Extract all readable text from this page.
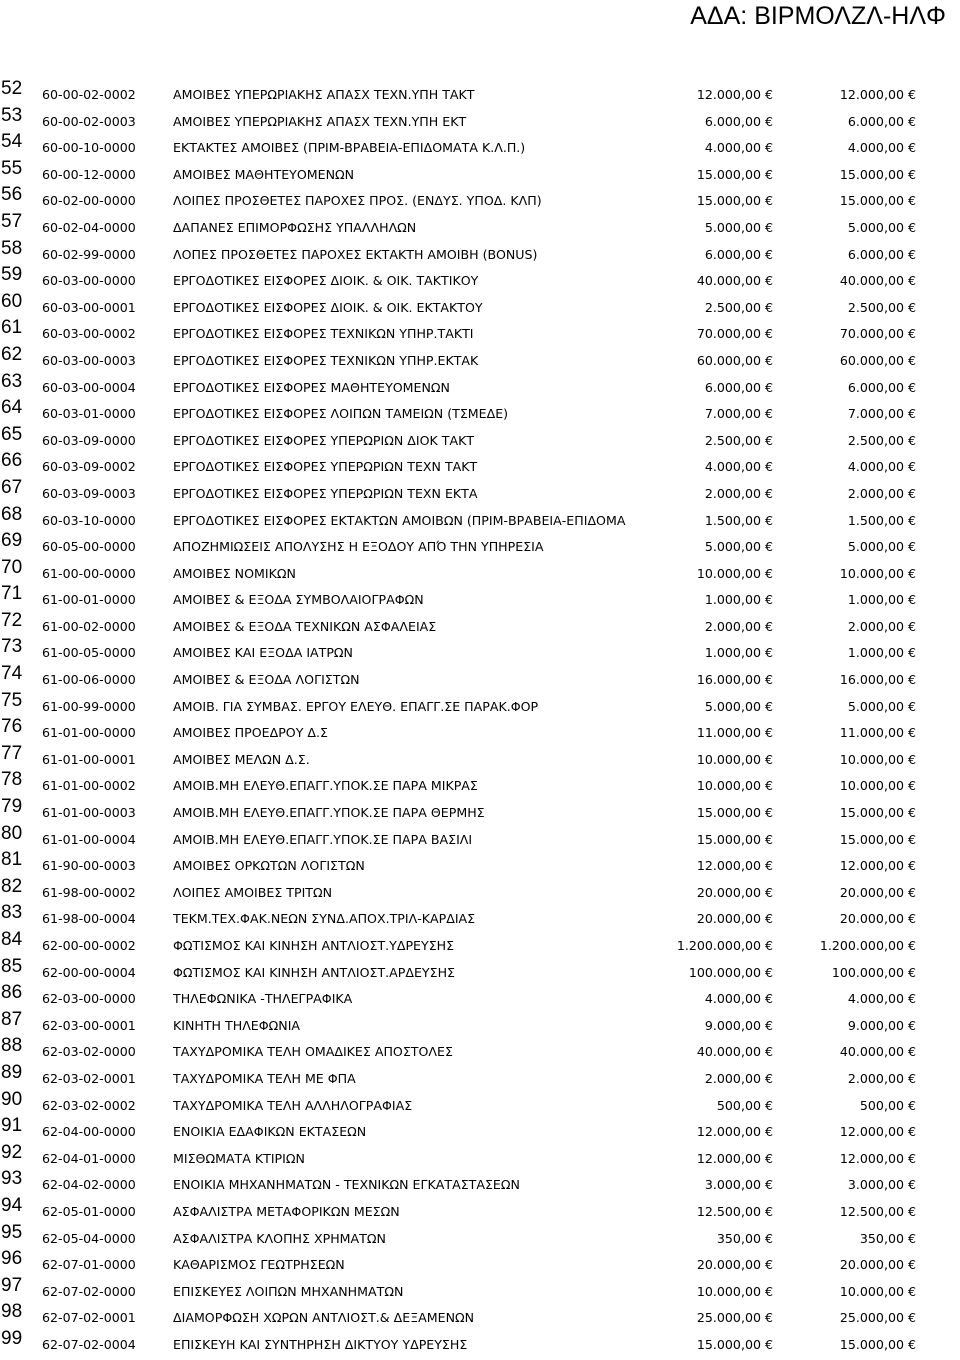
ΑΔΑ: ΒΙΡΜΟΛΖΛ-ΗΛΦ
52 60-00-02-0002	ΑΜΟΙΒΕΣ ΥΠΕΡΩΡΙΑΚΗΣ ΑΠΑΣΧ ΤΕΧΝ.ΥΠΗ ΤΑΚΤ	12.000,00 €	12.000,00 €
53 60-00-02-0003	ΑΜΟΙΒΕΣ ΥΠΕΡΩΡΙΑΚΗΣ ΑΠΑΣΧ ΤΕΧΝ.ΥΠΗ ΕΚΤ	6.000,00 €	6.000,00 €
54 60-00-10-0000	ΕΚΤΑΚΤΕΣ ΑΜΟΙΒΕΣ (ΠΡΙΜ-ΒΡΑΒΕΙΑ-ΕΠΙΔΟΜΑΤΑ Κ.Λ.Π.)	4.000,00 €	4.000,00 €
55 60-00-12-0000	ΑΜΟΙΒΕΣ ΜΑΘΗΤΕΥΟΜΕΝΩΝ	15.000,00 €	15.000,00 €
56 60-02-00-0000	ΛΟΙΠΕΣ ΠΡΟΣΘΕΤΕΣ ΠΑΡΟΧΕΣ ΠΡΟΣ. (ΕΝΔΥΣ. ΥΠΟΔ. ΚΛΠ)	15.000,00 €	15.000,00 €
57 60-02-04-0000	ΔΑΠΑΝΕΣ ΕΠΙΜΟΡΦΩΣΗΣ ΥΠΑΛΛΗΛΩΝ	5.000,00 €	5.000,00 €
58 60-02-99-0000	ΛΟΠΕΣ ΠΡΟΣΘΕΤΕΣ ΠΑΡΟΧΕΣ ΕΚΤΑΚΤΗ ΑΜΟΙΒΗ (BONUS)	6.000,00 €	6.000,00 €
59 60-03-00-0000	ΕΡΓΟΔΟΤΙΚΕΣ ΕΙΣΦΟΡΕΣ ΔΙΟΙΚ. & ΟΙΚ. ΤΑΚΤΙΚΟΥ	40.000,00 €	40.000,00 €
60 60-03-00-0001	ΕΡΓΟΔΟΤΙΚΕΣ ΕΙΣΦΟΡΕΣ ΔΙΟΙΚ. & ΟΙΚ. ΕΚΤΑΚΤΟΥ	2.500,00 €	2.500,00 €
61 60-03-00-0002	ΕΡΓΟΔΟΤΙΚΕΣ ΕΙΣΦΟΡΕΣ ΤΕΧΝΙΚΩΝ ΥΠΗΡ.ΤΑΚΤΙ	70.000,00 €	70.000,00 €
62 60-03-00-0003	ΕΡΓΟΔΟΤΙΚΕΣ ΕΙΣΦΟΡΕΣ ΤΕΧΝΙΚΩΝ ΥΠΗΡ.ΕΚΤΑΚ	60.000,00 €	60.000,00 €
63 60-03-00-0004	ΕΡΓΟΔΟΤΙΚΕΣ ΕΙΣΦΟΡΕΣ ΜΑΘΗΤΕΥΟΜΕΝΩΝ	6.000,00 €	6.000,00 €
64 60-03-01-0000	ΕΡΓΟΔΟΤΙΚΕΣ ΕΙΣΦΟΡΕΣ ΛΟΙΠΩΝ ΤΑΜΕΙΩΝ (ΤΣΜΕΔΕ)	7.000,00 €	7.000,00 €
65 60-03-09-0000	ΕΡΓΟΔΟΤΙΚΕΣ ΕΙΣΦΟΡΕΣ ΥΠΕΡΩΡΙΩΝ ΔΙΟΚ ΤΑΚΤ	2.500,00 €	2.500,00 €
66 60-03-09-0002	ΕΡΓΟΔΟΤΙΚΕΣ ΕΙΣΦΟΡΕΣ ΥΠΕΡΩΡΙΩΝ ΤΕΧΝ ΤΑΚΤ	4.000,00 €	4.000,00 €
67 60-03-09-0003	ΕΡΓΟΔΟΤΙΚΕΣ ΕΙΣΦΟΡΕΣ ΥΠΕΡΩΡΙΩΝ ΤΕΧΝ ΕΚΤΑ	2.000,00 €	2.000,00 €
68 60-03-10-0000	ΕΡΓΟΔΟΤΙΚΕΣ ΕΙΣΦΟΡΕΣ ΕΚΤΑΚΤΩΝ ΑΜΟΙΒΩΝ (ΠΡΙΜ-ΒΡΑΒΕΙΑ-ΕΠΙΔΟΜΑ	1.500,00 €	1.500,00 €
69 60-05-00-0000	ΑΠΟΖΗΜΙΩΣΕΙΣ ΑΠΟΛΥΣΗΣ Η ΕΞΟΔΟΥ ΑΠΌ ΤΗΝ ΥΠΗΡΕΣΙΑ	5.000,00 €	5.000,00 €
70 61-00-00-0000	ΑΜΟΙΒΕΣ ΝΟΜΙΚΩΝ	10.000,00 €	10.000,00 €
71 61-00-01-0000	ΑΜΟΙΒΕΣ & ΕΞΟΔΑ ΣΥΜΒΟΛΑΙΟΓΡΑΦΩΝ	1.000,00 €	1.000,00 €
72 61-00-02-0000	ΑΜΟΙΒΕΣ & ΕΞΟΔΑ ΤΕΧΝΙΚΩΝ ΑΣΦΑΛΕΙΑΣ	2.000,00 €	2.000,00 €
73 61-00-05-0000	ΑΜΟΙΒΕΣ ΚΑΙ ΕΞΟΔΑ ΙΑΤΡΩΝ	1.000,00 €	1.000,00 €
74 61-00-06-0000	ΑΜΟΙΒΕΣ & ΕΞΟΔΑ ΛΟΓΙΣΤΩΝ	16.000,00 €	16.000,00 €
75 61-00-99-0000	ΑΜΟΙΒ. ΓΙΑ ΣΥΜΒΑΣ. ΕΡΓΟΥ ΕΛΕΥΘ. ΕΠΑΓΓ.ΣΕ ΠΑΡΑΚ.ΦΟΡ	5.000,00 €	5.000,00 €
76 61-01-00-0000	ΑΜΟΙΒΕΣ ΠΡΟΕΔΡΟΥ Δ.Σ	11.000,00 €	11.000,00 €
77 61-01-00-0001	ΑΜΟΙΒΕΣ ΜΕΛΩΝ Δ.Σ.	10.000,00 €	10.000,00 €
78 61-01-00-0002	ΑΜΟΙΒ.ΜΗ ΕΛΕΥΘ.ΕΠΑΓΓ.ΥΠΟΚ.ΣΕ ΠΑΡΑ ΜΙΚΡΑΣ	10.000,00 €	10.000,00 €
79 61-01-00-0003	ΑΜΟΙΒ.ΜΗ ΕΛΕΥΘ.ΕΠΑΓΓ.ΥΠΟΚ.ΣΕ ΠΑΡΑ ΘΕΡΜΗΣ	15.000,00 €	15.000,00 €
80 61-01-00-0004	ΑΜΟΙΒ.ΜΗ ΕΛΕΥΘ.ΕΠΑΓΓ.ΥΠΟΚ.ΣΕ ΠΑΡΑ ΒΑΣΙΛΙ	15.000,00 €	15.000,00 €
81 61-90-00-0003	ΑΜΟΙΒΕΣ ΟΡΚΩΤΩΝ ΛΟΓΙΣΤΩΝ	12.000,00 €	12.000,00 €
82 61-98-00-0002	ΛΟΙΠΕΣ ΑΜΟΙΒΕΣ ΤΡΙΤΩΝ	20.000,00 €	20.000,00 €
83 61-98-00-0004	ΤΕΚΜ.ΤΕΧ.ΦΑΚ.ΝΕΩΝ ΣΥΝΔ.ΑΠΟΧ.ΤΡΙΛ-ΚΑΡΔΙΑΣ	20.000,00 €	20.000,00 €
84 62-00-00-0002	ΦΩΤΙΣΜΟΣ ΚΑΙ ΚΙΝΗΣΗ ΑΝΤΛΙΟΣΤ.ΥΔΡΕΥΣΗΣ	1.200.000,00 €	1.200.000,00 €
85 62-00-00-0004	ΦΩΤΙΣΜΟΣ ΚΑΙ ΚΙΝΗΣΗ ΑΝΤΛΙΟΣΤ.ΑΡΔΕΥΣΗΣ	100.000,00 €	100.000,00 €
86 62-03-00-0000	ΤΗΛΕΦΩΝΙΚΑ -ΤΗΛΕΓΡΑΦΙΚΑ	4.000,00 €	4.000,00 €
87 62-03-00-0001	ΚΙΝΗΤΗ ΤΗΛΕΦΩΝΙΑ	9.000,00 €	9.000,00 €
88 62-03-02-0000	ΤΑΧΥΔΡΟΜΙΚΑ ΤΕΛΗ ΟΜΑΔΙΚΕΣ ΑΠΟΣΤΟΛΕΣ	40.000,00 €	40.000,00 €
89 62-03-02-0001	ΤΑΧΥΔΡΟΜΙΚΑ ΤΕΛΗ ΜΕ ΦΠΑ	2.000,00 €	2.000,00 €
90 62-03-02-0002	ΤΑΧΥΔΡΟΜΙΚΑ ΤΕΛΗ ΑΛΛΗΛΟΓΡΑΦΙΑΣ	500,00 €	500,00 €
91 62-04-00-0000	ΕΝΟΙΚΙΑ ΕΔΑΦΙΚΩΝ ΕΚΤΑΣΕΩΝ	12.000,00 €	12.000,00 €
92 62-04-01-0000	ΜΙΣΘΩΜΑΤΑ ΚΤΙΡΙΩΝ	12.000,00 €	12.000,00 €
93 62-04-02-0000	ΕΝΟΙΚΙΑ ΜΗΧΑΝΗΜΑΤΩΝ - ΤΕΧΝΙΚΩΝ ΕΓΚΑΤΑΣΤΑΣΕΩΝ	3.000,00 €	3.000,00 €
94 62-05-01-0000	ΑΣΦΑΛΙΣΤΡΑ ΜΕΤΑΦΟΡΙΚΩΝ ΜΕΣΩΝ	12.500,00 €	12.500,00 €
95 62-05-04-0000	ΑΣΦΑΛΙΣΤΡΑ ΚΛΟΠΗΣ ΧΡΗΜΑΤΩΝ	350,00 €	350,00 €
96 62-07-01-0000	ΚΑΘΑΡΙΣΜΟΣ ΓΕΩΤΡΗΣΕΩΝ	20.000,00 €	20.000,00 €
97 62-07-02-0000	ΕΠΙΣΚΕΥΕΣ ΛΟΙΠΩΝ ΜΗΧΑΝΗΜΑΤΩΝ	10.000,00 €	10.000,00 €
98 62-07-02-0001	ΔΙΑΜΟΡΦΩΣΗ ΧΩΡΩΝ ΑΝΤΛΙΟΣΤ.& ΔΕΞΑΜΕΝΩΝ	25.000,00 €	25.000,00 €
99 62-07-02-0004	ΕΠΙΣΚΕΥΗ ΚΑΙ ΣΥΝΤΗΡΗΣΗ ΔΙΚΤΥΟΥ ΥΔΡΕΥΣΗΣ	15.000,00 €	15.000,00 €
